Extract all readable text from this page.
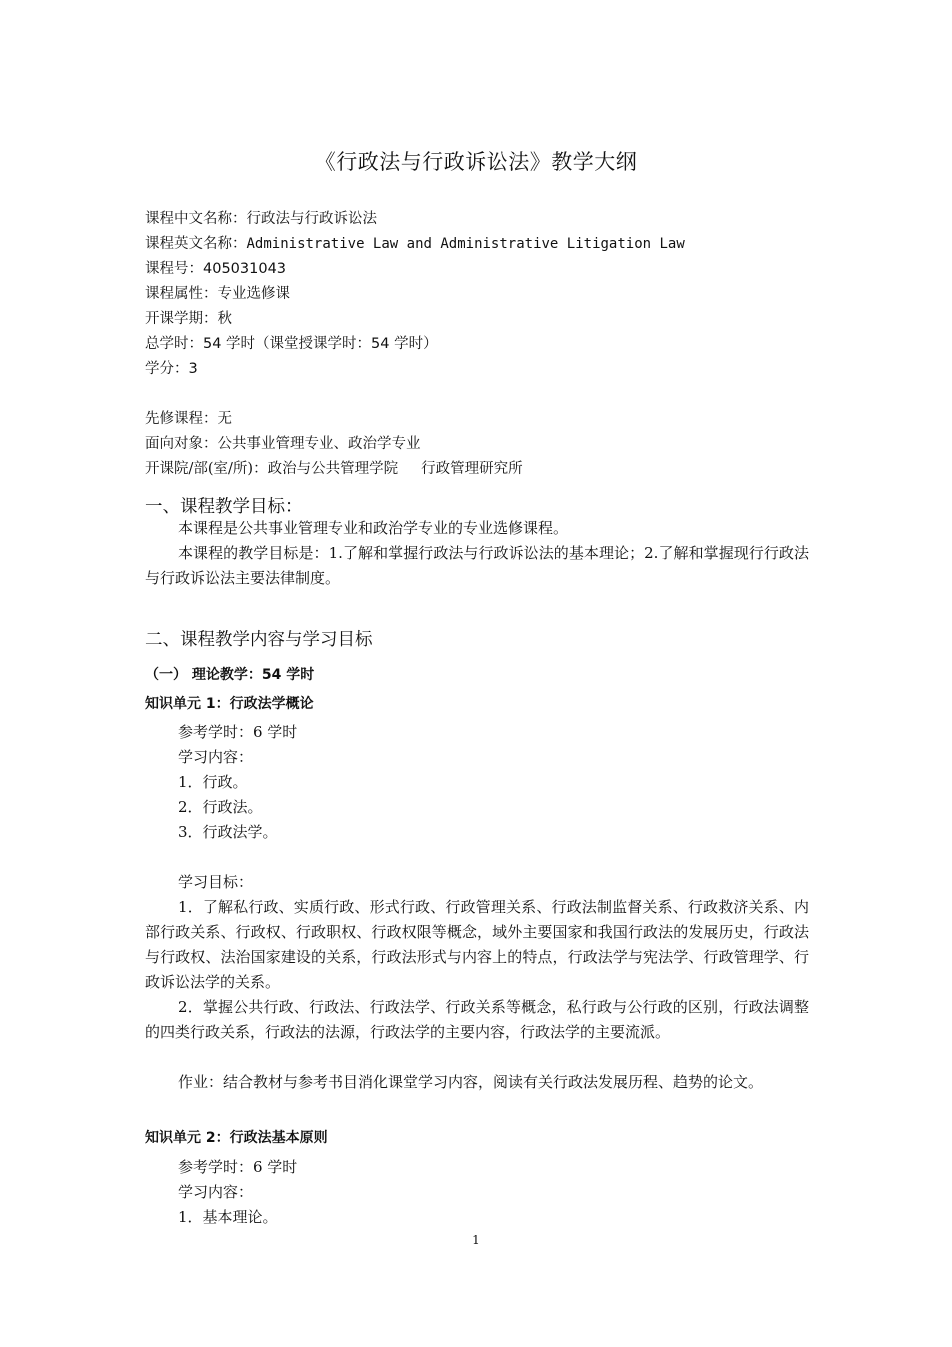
《行政法与行政诉讼法》教学大纲
课程中文名称：行政法与行政诉讼法
课程英文名称：Administrative Law and Administrative Litigation Law
课程号：405031043
课程属性：专业选修课
开课学期：秋
总学时：54 学时（课堂授课学时：54 学时）
学分：3
先修课程：无
面向对象：公共事业管理专业、政治学专业
开课院/部(室/所)：政治与公共管理学院     行政管理研究所
一、课程教学目标：

本课程是公共事业管理专业和政治学专业的专业选修课程。

本课程的教学目标是：1.了解和掌握行政法与行政诉讼法的基本理论；2.了解和掌握现行行政法与行政诉讼法主要法律制度。

二、课程教学内容与学习目标
（一） 理论教学：54 学时
知识单元 1：行政法学概论
参考学时：6 学时
学习内容：
1．行政。
2．行政法。
3．行政法学。
学习目标：

1．了解私行政、实质行政、形式行政、行政管理关系、行政法制监督关系、行政救济关系、内部行政关系、行政权、行政职权、行政权限等概念，域外主要国家和我国行政法的发展历史，行政法与行政权、法治国家建设的关系，行政法形式与内容上的特点，行政法学与宪法学、行政管理学、行政诉讼法学的关系。

2．掌握公共行政、行政法、行政法学、行政关系等概念，私行政与公行政的区别，行政法调整的四类行政关系，行政法的法源，行政法学的主要内容，行政法学的主要流派。

作业：结合教材与参考书目消化课堂学习内容，阅读有关行政法发展历程、趋势的论文。

知识单元 2：行政法基本原则
参考学时：6 学时
学习内容：
1．基本理论。
1
